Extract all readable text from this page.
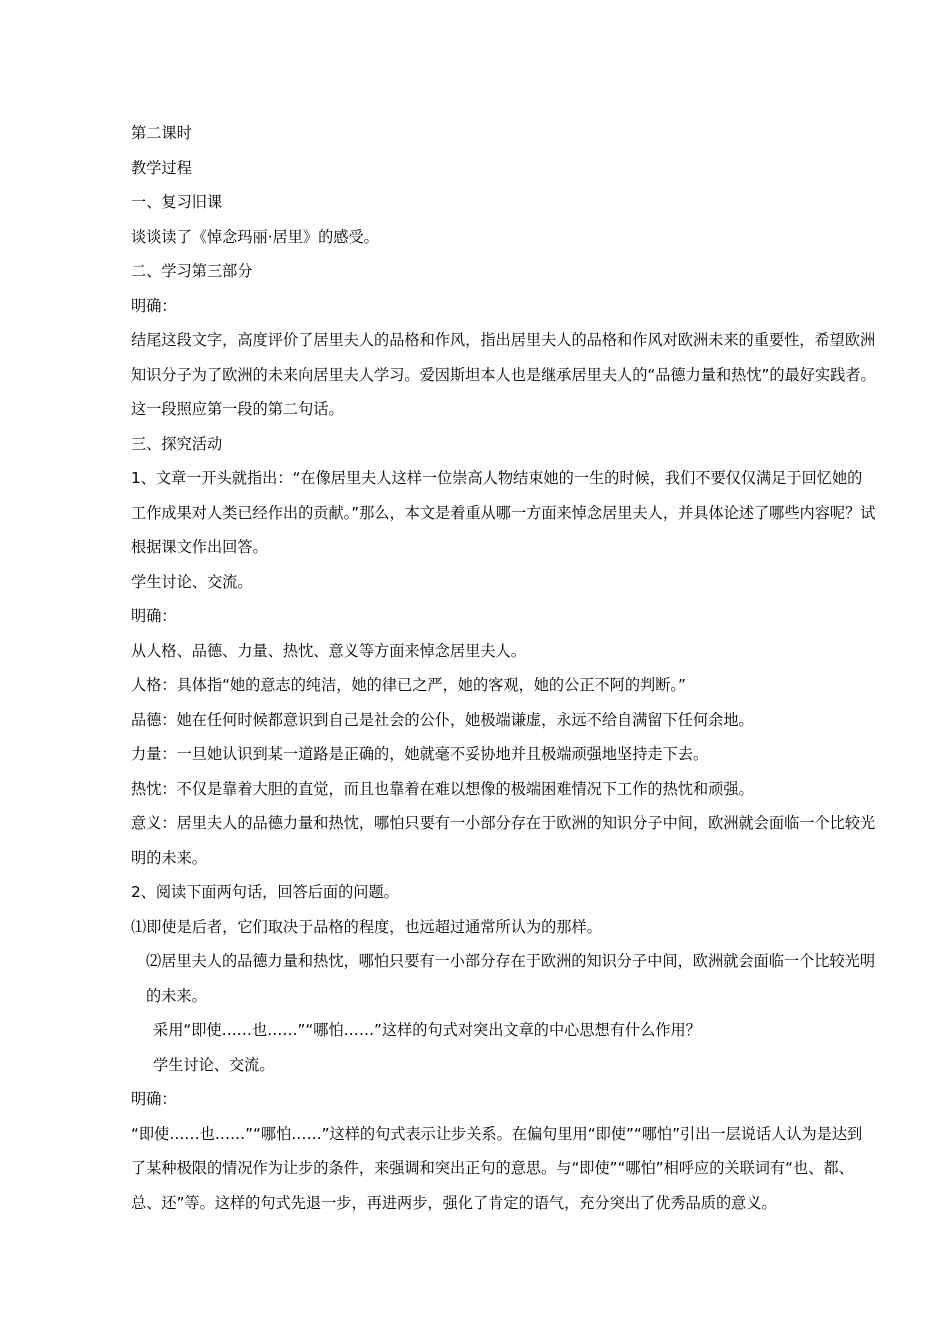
第二课时

教学过程

一、复习旧课

谈谈读了《悼念玛丽·居里》的感受。

二、学习第三部分

明确：

结尾这段文字，高度评价了居里夫人的品格和作风，指出居里夫人的品格和作风对欧洲未来的重要性，希望欧洲知识分子为了欧洲的未来向居里夫人学习。爱因斯坦本人也是继承居里夫人的“品德力量和热忱”的最好实践者。这一段照应第一段的第二句话。

三、探究活动

1、文章一开头就指出：“在像居里夫人这样一位崇高人物结束她的一生的时候，我们不要仅仅满足于回忆她的工作成果对人类已经作出的贡献。”那么，本文是着重从哪一方面来悼念居里夫人，并具体论述了哪些内容呢？试根据课文作出回答。

学生讨论、交流。

明确：

从人格、品德、力量、热忱、意义等方面来悼念居里夫人。

人格：具体指“她的意志的纯洁，她的律已之严，她的客观，她的公正不阿的判断。”

品德：她在任何时候都意识到自己是社会的公仆，她极端谦虚，永远不给自满留下任何余地。

力量：一旦她认识到某一道路是正确的，她就毫不妥协地并且极端顽强地坚持走下去。

热忱：不仅是靠着大胆的直觉，而且也靠着在难以想像的极端困难情况下工作的热忱和顽强。

意义：居里夫人的品德力量和热忱，哪怕只要有一小部分存在于欧洲的知识分子中间，欧洲就会面临一个比较光明的未来。

2、阅读下面两句话，回答后面的问题。

⑴即使是后者，它们取决于品格的程度，也远超过通常所认为的那样。

⑵居里夫人的品德力量和热忱，哪怕只要有一小部分存在于欧洲的知识分子中间，欧洲就会面临一个比较光明的未来。

采用“即使……也……”“哪怕……”这样的句式对突出文章的中心思想有什么作用？

学生讨论、交流。

明确：

“即使……也……”“哪怕……”这样的句式表示让步关系。在偏句里用“即使”“哪怕”引出一层说话人认为是达到了某种极限的情况作为让步的条件，来强调和突出正句的意思。与“即使”“哪怕”相呼应的关联词有“也、都、总、还”等。这样的句式先退一步，再进两步，强化了肯定的语气，充分突出了优秀品质的意义。
